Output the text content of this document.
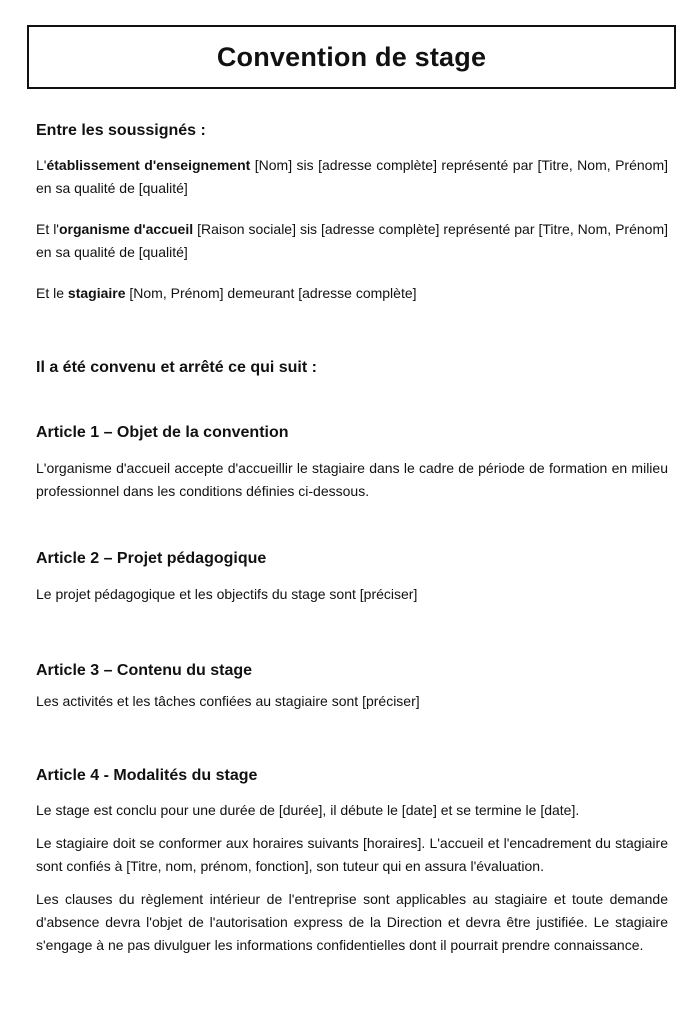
Convention de stage
Entre les soussignés :

L'établissement d'enseignement [Nom] sis [adresse complète] représenté par [Titre, Nom, Prénom] en sa qualité de [qualité]

Et l'organisme d'accueil [Raison sociale] sis [adresse complète] représenté par [Titre, Nom, Prénom] en sa qualité de [qualité]

Et le stagiaire [Nom, Prénom] demeurant [adresse complète]

Il a été convenu et arrêté ce qui suit :
Article 1 – Objet de la convention

L'organisme d'accueil accepte d'accueillir le stagiaire dans le cadre de période de formation en milieu professionnel dans les conditions définies ci-dessous.

Article 2 – Projet pédagogique

Le projet pédagogique et les objectifs du stage sont [préciser]

Article 3 – Contenu du stage

Les activités et les tâches confiées au stagiaire sont [préciser]

Article 4 - Modalités du stage

Le stage est conclu pour une durée de [durée], il débute le [date] et se termine le [date].

Le stagiaire doit se conformer aux horaires suivants [horaires]. L'accueil et l'encadrement du stagiaire sont confiés à [Titre, nom, prénom, fonction], son tuteur qui en assura l'évaluation.

Les clauses du règlement intérieur de l'entreprise sont applicables au stagiaire et toute demande d'absence devra l'objet de l'autorisation express de la Direction et devra être justifiée. Le stagiaire s'engage à ne pas divulguer les informations confidentielles dont il pourrait prendre connaissance.
